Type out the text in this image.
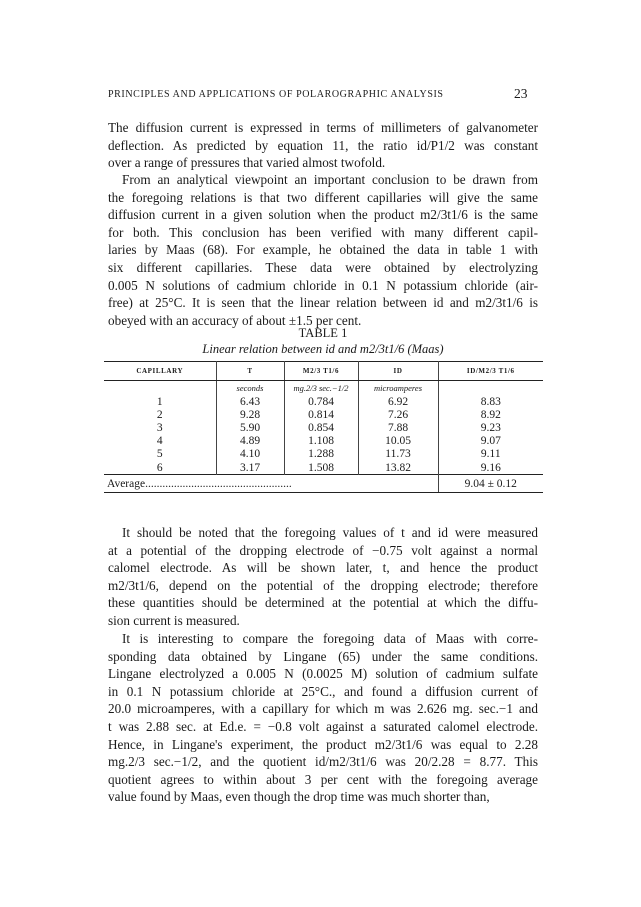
PRINCIPLES AND APPLICATIONS OF POLAROGRAPHIC ANALYSIS	23
The diffusion current is expressed in terms of millimeters of galvanometer
deflection. As predicted by equation 11, the ratio id/P1/2 was constant
over a range of pressures that varied almost twofold.
From an analytical viewpoint an important conclusion to be drawn from
the foregoing relations is that two different capillaries will give the same
diffusion current in a given solution when the product m2/3t1/6 is the same
for both. This conclusion has been verified with many different capil-
laries by Maas (68). For example, he obtained the data in table 1 with
six different capillaries. These data were obtained by electrolyzing
0.005 N solutions of cadmium chloride in 0.1 N potassium chloride (air-
free) at 25°C. It is seen that the linear relation between id and m2/3t1/6 is
obeyed with an accuracy of about ±1.5 per cent.
TABLE 1
Linear relation between id and m2/3t1/6 (Maas)
CAPILLARY	T	M2/3 T1/6	ID	ID/M2/3 T1/6
	seconds	mg.2/3 sec.−1/2	microamperes	
1	6.43	0.784	6.92	8.83
2	9.28	0.814	7.26	8.92
3	5.90	0.854	7.88	9.23
4	4.89	1.108	10.05	9.07
5	4.10	1.288	11.73	9.11
6	3.17	1.508	13.82	9.16
Average...................................................				9.04 ± 0.12
It should be noted that the foregoing values of t and id were measured
at a potential of the dropping electrode of −0.75 volt against a normal
calomel electrode. As will be shown later, t, and hence the product
m2/3t1/6, depend on the potential of the dropping electrode; therefore
these quantities should be determined at the potential at which the diffu-
sion current is measured.
It is interesting to compare the foregoing data of Maas with corre-
sponding data obtained by Lingane (65) under the same conditions.
Lingane electrolyzed a 0.005 N (0.0025 M) solution of cadmium sulfate
in 0.1 N potassium chloride at 25°C., and found a diffusion current of
20.0 microamperes, with a capillary for which m was 2.626 mg. sec.−1 and
t was 2.88 sec. at Ed.e. = −0.8 volt against a saturated calomel electrode.
Hence, in Lingane's experiment, the product m2/3t1/6 was equal to 2.28
mg.2/3 sec.−1/2, and the quotient id/m2/3t1/6 was 20/2.28 = 8.77. This
quotient agrees to within about 3 per cent with the foregoing average
value found by Maas, even though the drop time was much shorter than,
